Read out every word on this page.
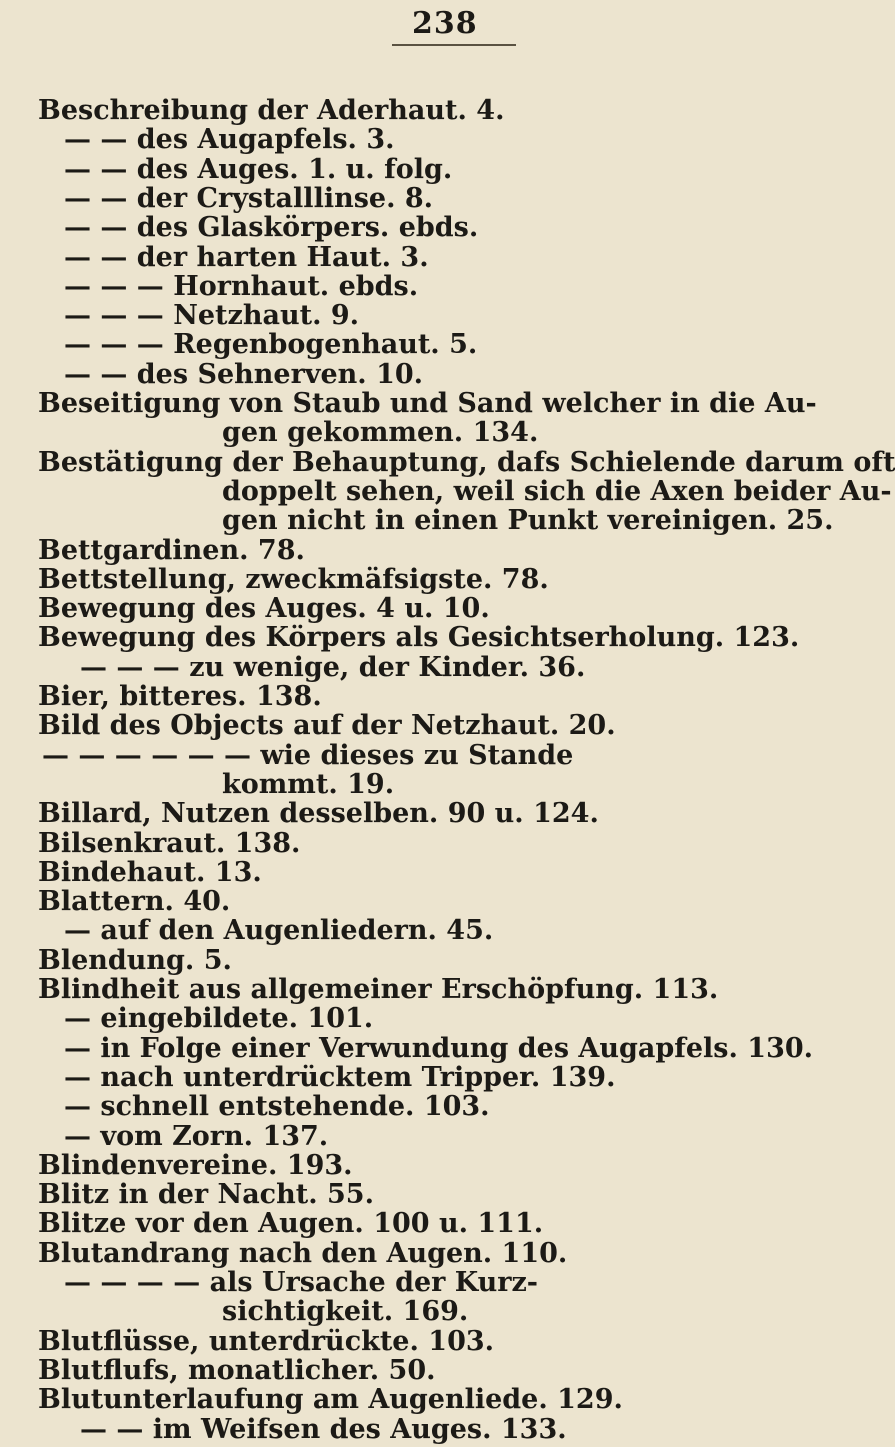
238
Beschreibung der Aderhaut. 4.
— — des Augapfels. 3.
— — des Auges. 1. u. folg.
— — der Crystalllinse. 8.
— — des Glaskörpers. ebds.
— — der harten Haut. 3.
— — — Hornhaut. ebds.
— — — Netzhaut. 9.
— — — Regenbogenhaut. 5.
— — des Sehnerven. 10.
Beseitigung von Staub und Sand welcher in die Au-
gen gekommen. 134.
Bestätigung der Behauptung, dafs Schielende darum oft
doppelt sehen, weil sich die Axen beider Au-
gen nicht in einen Punkt vereinigen. 25.
Bettgardinen. 78.
Bettstellung, zweckmäfsigste. 78.
Bewegung des Auges. 4 u. 10.
Bewegung des Körpers als Gesichtserholung. 123.
— — — zu wenige, der Kinder. 36.
Bier, bitteres. 138.
Bild des Objects auf der Netzhaut. 20.
— — — — — — wie dieses zu Stande
kommt. 19.
Billard, Nutzen desselben. 90 u. 124.
Bilsenkraut. 138.
Bindehaut. 13.
Blattern. 40.
— auf den Augenliedern. 45.
Blendung. 5.
Blindheit aus allgemeiner Erschöpfung. 113.
— eingebildete. 101.
— in Folge einer Verwundung des Augapfels. 130.
— nach unterdrücktem Tripper. 139.
— schnell entstehende. 103.
— vom Zorn. 137.
Blindenvereine. 193.
Blitz in der Nacht. 55.
Blitze vor den Augen. 100 u. 111.
Blutandrang nach den Augen. 110.
— — — — als Ursache der Kurz-
sichtigkeit. 169.
Blutflüsse, unterdrückte. 103.
Blutflufs, monatlicher. 50.
Blutunterlaufung am Augenliede. 129.
— — im Weifsen des Auges. 133.
